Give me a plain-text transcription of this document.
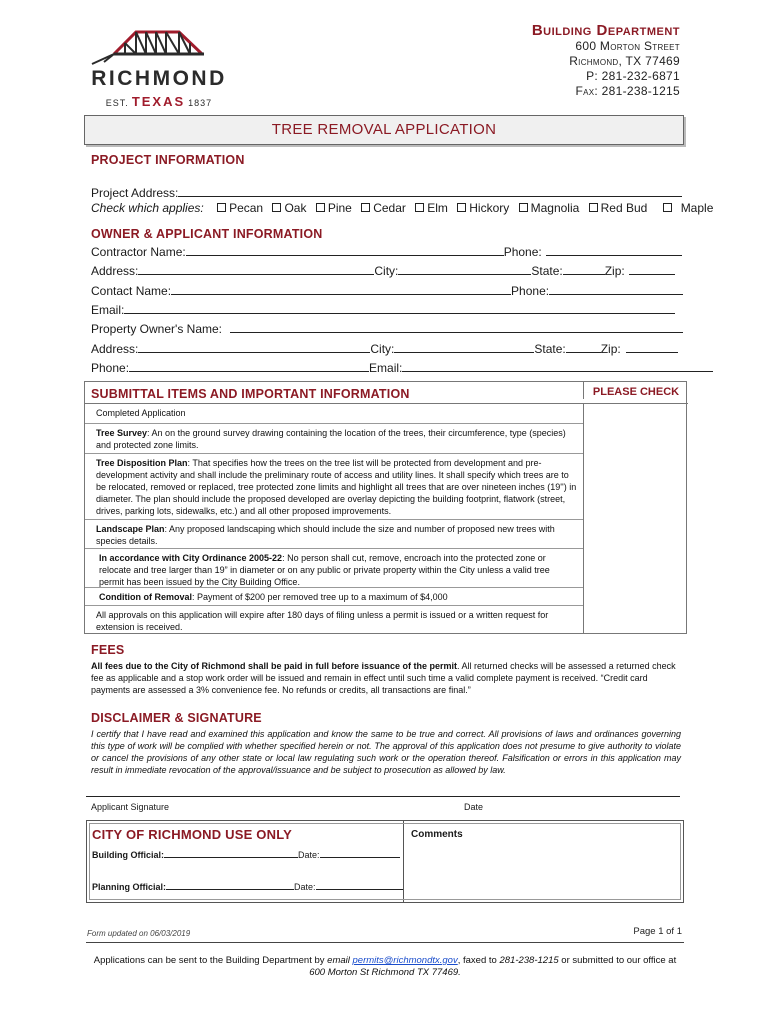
RICHMOND
EST. TEXAS 1837
Building Department
600 Morton Street
Richmond, TX 77469
P: 281-232-6871
Fax: 281-238-1215
TREE REMOVAL APPLICATION
PROJECT INFORMATION
Project Address:
Check which applies: Pecan Oak Pine Cedar Elm Hickory Magnolia Red Bud	Maple
OWNER & APPLICANT INFORMATION
Contractor Name:	Phone:
Address:	City:	State:	Zip:
Contact Name:	Phone:
Email:
Property Owner's Name:
Address:	City:	State:	Zip:
Phone:	Email:
SUBMITTAL ITEMS AND IMPORTANT INFORMATION	PLEASE CHECK
Completed Application
Tree Survey: An on the ground survey drawing containing the location of the trees, their circumference, type (species) and protected zone limits.
Tree Disposition Plan: That specifies how the trees on the tree list will be protected from development and pre-development activity and shall include the preliminary route of access and utility lines. It shall specify which trees are to be relocated, removed or replaced, tree protected zone limits and highlight all trees that are over nineteen inches (19'') in diameter. The plan should include the proposed developed are overlay depicting the building footprint, flatwork (street, drives, parking lots, sidewalks, etc.) and all other proposed improvements.
Landscape Plan: Any proposed landscaping which should include the size and number of proposed new trees with species details.
In accordance with City Ordinance 2005-22: No person shall cut, remove, encroach into the protected zone or relocate and tree larger than 19” in diameter or on any public or private property within the City unless a valid tree permit has been issued by the City Building Office.
Condition of Removal: Payment of $200 per removed tree up to a maximum of $4,000
All approvals on this application will expire after 180 days of filing unless a permit is issued or a written request for extension is received.
FEES
All fees due to the City of Richmond shall be paid in full before issuance of the permit. All returned checks will be assessed a returned check fee as applicable and a stop work order will be issued and remain in effect until such time a valid complete payment is received. “Credit card payments are assessed a 3% convenience fee. No refunds or credits, all transactions are final.”
DISCLAIMER & SIGNATURE
I certify that I have read and examined this application and know the same to be true and correct. All provisions of laws and ordinances governing this type of work will be complied with whether specified herein or not. The approval of this application does not presume to give authority to violate or cancel the provisions of any other state or local law regulating such work or the operation thereof. Falsification or errors in this application may result in immediate revocation of the approval/issuance and be subject to prosecution as allowed by law.
Applicant Signature	Date
CITY OF RICHMOND USE ONLY
Building Official:	Date:
Planning Official:	Date:
Comments
Form updated on 06/03/2019	Page 1 of 1
Applications can be sent to the Building Department by email permits@richmondtx.gov, faxed to 281-238-1215 or submitted to our office at
600 Morton St Richmond TX 77469.
